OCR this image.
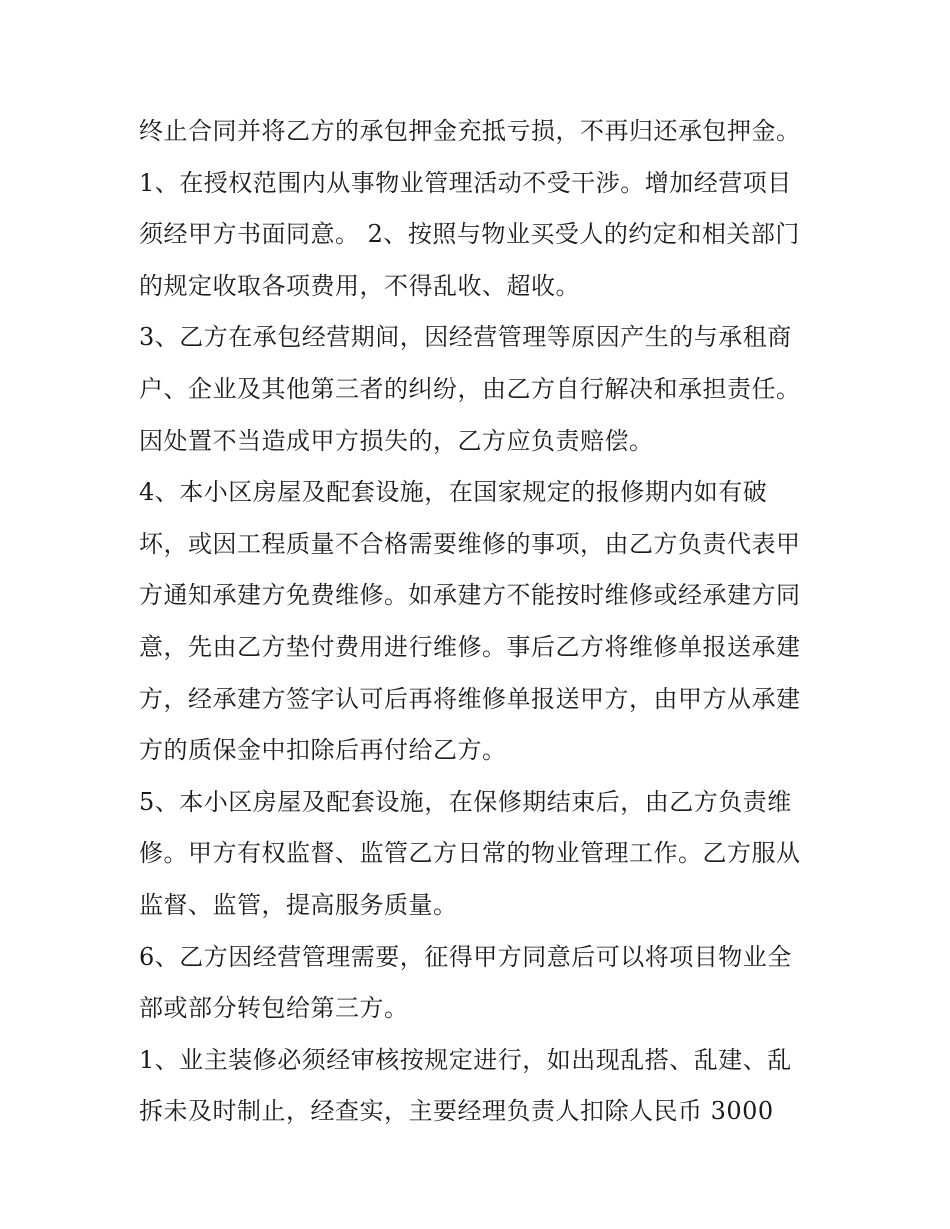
终止合同并将乙方的承包押金充抵亏损，不再归还承包押金。
1、在授权范围内从事物业管理活动不受干涉。增加经营项目
须经甲方书面同意。 2、按照与物业买受人的约定和相关部门
的规定收取各项费用，不得乱收、超收。
3、乙方在承包经营期间，因经营管理等原因产生的与承租商
户、企业及其他第三者的纠纷，由乙方自行解决和承担责任。
因处置不当造成甲方损失的，乙方应负责赔偿。
4、本小区房屋及配套设施，在国家规定的报修期内如有破
坏，或因工程质量不合格需要维修的事项，由乙方负责代表甲
方通知承建方免费维修。如承建方不能按时维修或经承建方同
意，先由乙方垫付费用进行维修。事后乙方将维修单报送承建
方，经承建方签字认可后再将维修单报送甲方，由甲方从承建
方的质保金中扣除后再付给乙方。
5、本小区房屋及配套设施，在保修期结束后，由乙方负责维
修。甲方有权监督、监管乙方日常的物业管理工作。乙方服从
监督、监管，提高服务质量。
6、乙方因经营管理需要，征得甲方同意后可以将项目物业全
部或部分转包给第三方。
1、业主装修必须经审核按规定进行，如出现乱搭、乱建、乱
拆未及时制止，经查实，主要经理负责人扣除人民币 3000
